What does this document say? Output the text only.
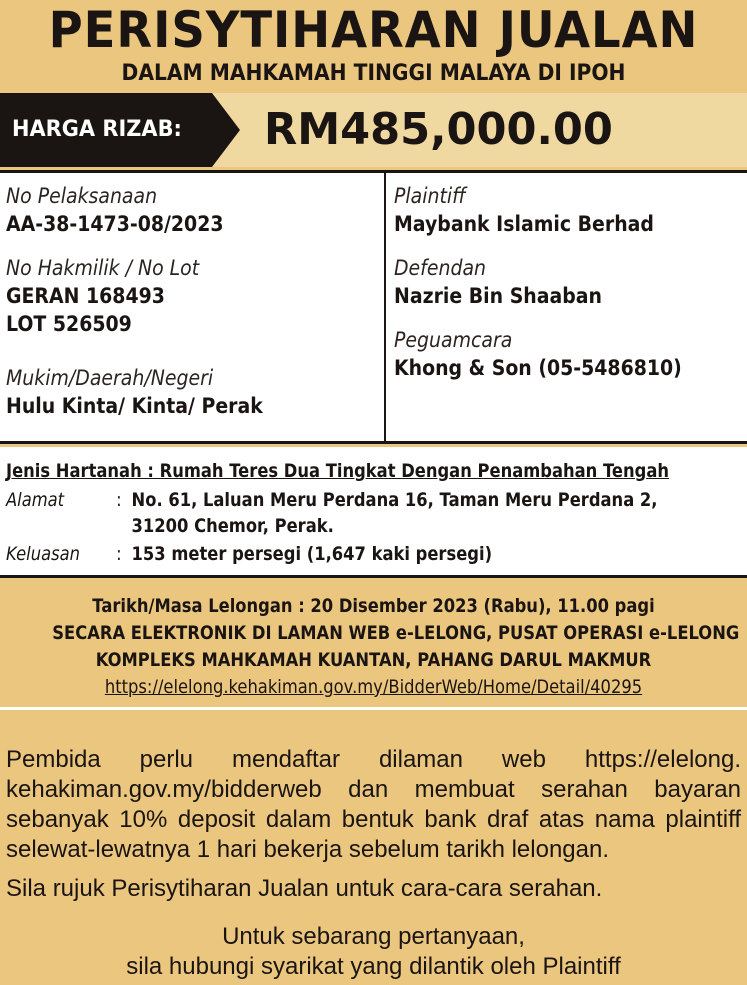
PERISYTIHARAN JUALAN
DALAM MAHKAMAH TINGGI MALAYA DI IPOH
HARGA RIZAB: RM485,000.00
No Pelaksanaan
AA-38-1473-08/2023
No Hakmilik / No Lot
GERAN 168493
LOT 526509
Mukim/Daerah/Negeri
Hulu Kinta/ Kinta/ Perak
Plaintiff
Maybank Islamic Berhad
Defendan
Nazrie Bin Shaaban
Peguamcara
Khong & Son (05-5486810)
Jenis Hartanah : Rumah Teres Dua Tingkat Dengan Penambahan Tengah
Alamat	: No. 61, Laluan Meru Perdana 16, Taman Meru Perdana 2,
31200 Chemor, Perak.
Keluasan : 153 meter persegi (1,647 kaki persegi)
Tarikh/Masa Lelongan : 20 Disember 2023 (Rabu), 11.00 pagi
SECARA ELEKTRONIK DI LAMAN WEB e-LELONG, PUSAT OPERASI e-LELONG
KOMPLEKS MAHKAMAH KUANTAN, PAHANG DARUL MAKMUR
https://elelong.kehakiman.gov.my/BidderWeb/Home/Detail/40295
Pembida perlu mendaftar dilaman web https://elelong. kehakiman.gov.my/bidderweb dan membuat serahan bayaran sebanyak 10% deposit dalam bentuk bank draf atas nama plaintiff selewat-lewatnya 1 hari bekerja sebelum tarikh lelongan.
Sila rujuk Perisytiharan Jualan untuk cara-cara serahan.
Untuk sebarang pertanyaan,
sila hubungi syarikat yang dilantik oleh Plaintiff
